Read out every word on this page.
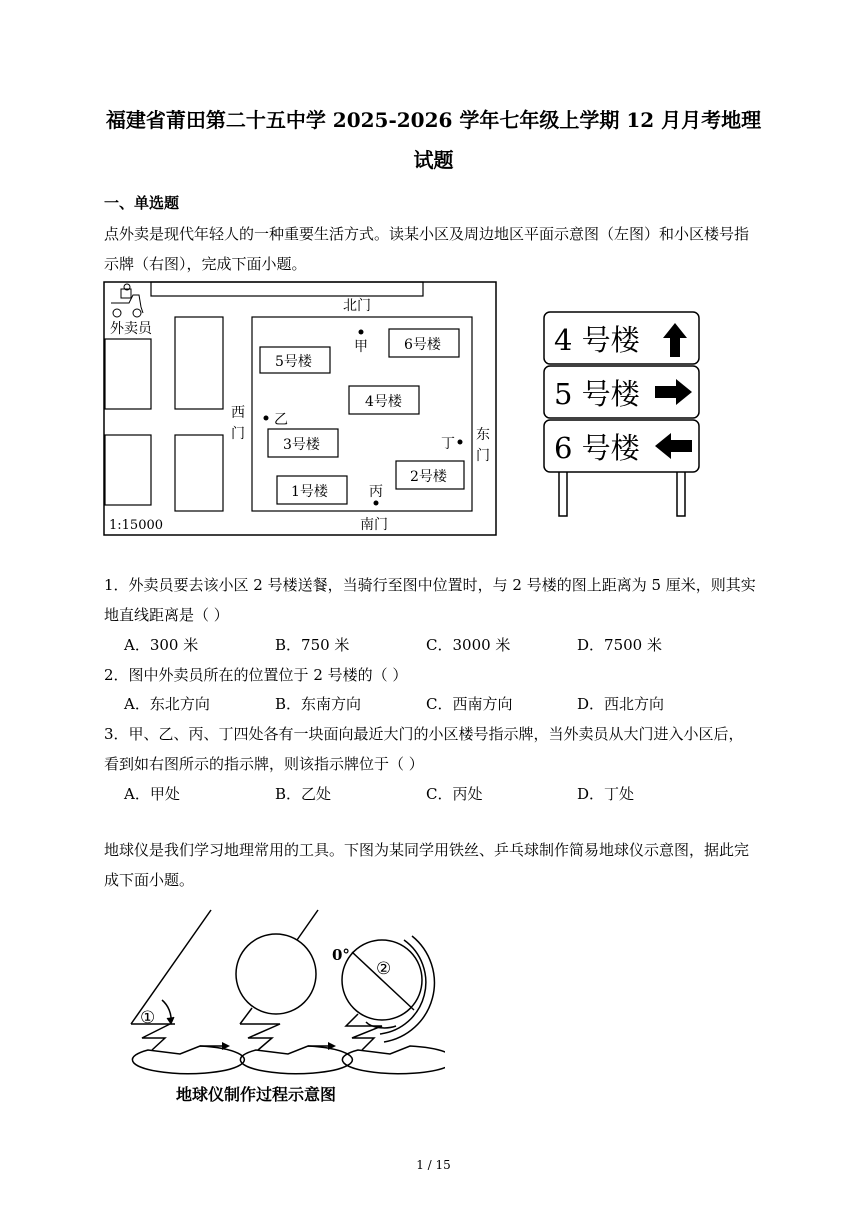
福建省莆田第二十五中学 2025-2026 学年七年级上学期 12 月月考地理
试题
一、单选题
点外卖是现代年轻人的一种重要生活方式。读某小区及周边地区平面示意图（左图）和小区楼号指
示牌（右图），完成下面小题。
外卖员
5号楼
6号楼
4号楼
3号楼
1号楼
2号楼
北门
南门
西
门	东
门
甲
乙
丙
丁
1:15000
4 号楼
5 号楼
6 号楼
1．外卖员要去该小区 2 号楼送餐，当骑行至图中位置时，与 2 号楼的图上距离为 5 厘米，则其实
地直线距离是（ ）
A．300 米	B．750 米	C．3000 米	D．7500 米
2．图中外卖员所在的位置位于 2 号楼的（ ）
A．东北方向	B．东南方向	C．西南方向	D．西北方向
3．甲、乙、丙、丁四处各有一块面向最近大门的小区楼号指示牌，当外卖员从大门进入小区后，
看到如右图所示的指示牌，则该指示牌位于（ ）
A．甲处	B．乙处	C．丙处	D．丁处
地球仪是我们学习地理常用的工具。下图为某同学用铁丝、乒乓球制作简易地球仪示意图，据此完
成下面小题。
①
0°
②
地球仪制作过程示意图
1 / 15
